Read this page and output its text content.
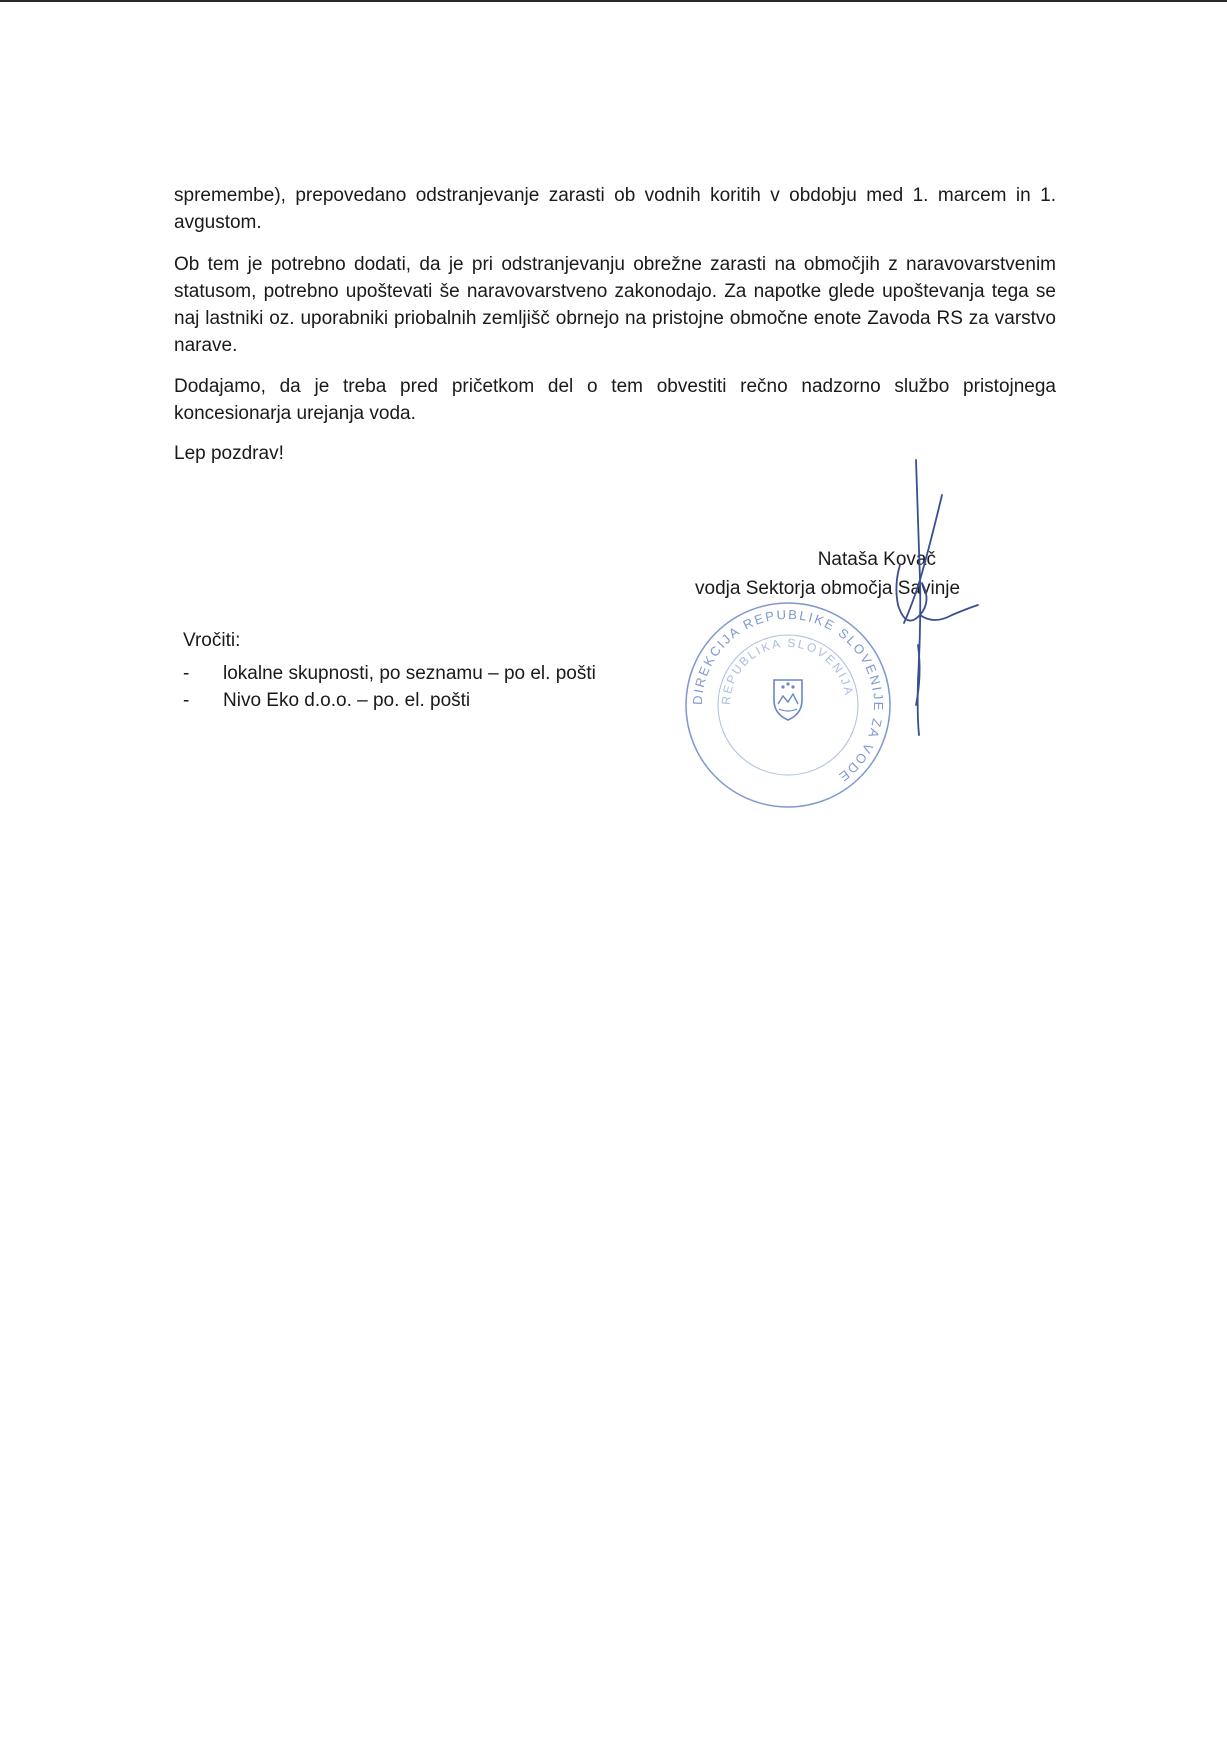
spremembe), prepovedano odstranjevanje zarasti ob vodnih koritih v obdobju med 1. marcem in 1. avgustom.

Ob tem je potrebno dodati, da je pri odstranjevanju obrežne zarasti na območjih z naravovarstvenim statusom, potrebno upoštevati še naravovarstveno zakonodajo. Za napotke glede upoštevanja tega se naj lastniki oz. uporabniki priobalnih zemljišč obrnejo na pristojne območne enote Zavoda RS za varstvo narave.

Dodajamo, da je treba pred pričetkom del o tem obvestiti rečno nadzorno službo pristojnega koncesionarja urejanja voda.

Lep pozdrav!
Nataša Kovač
vodja Sektorja območja Savinje
Vročiti:
-	lokalne skupnosti, po seznamu – po el. pošti
-	Nivo Eko d.o.o. – po. el. pošti	DIREKCIJA REPUBLIKE SLOVENIJE ZA VODE
REPUBLIKA SLOVENIJA
